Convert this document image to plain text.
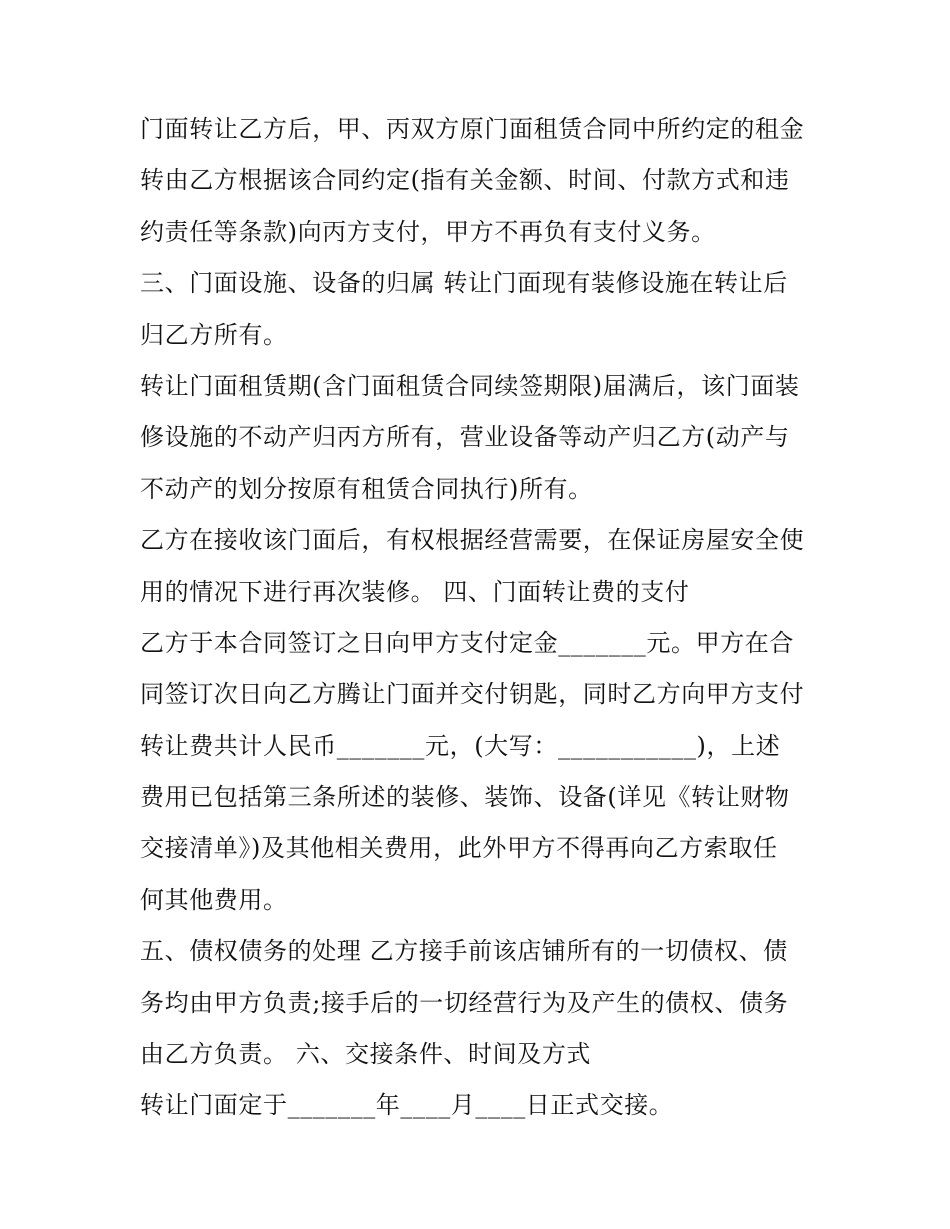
门面转让乙方后，甲、丙双方原门面租赁合同中所约定的租金
转由乙方根据该合同约定(指有关金额、时间、付款方式和违
约责任等条款)向丙方支付，甲方不再负有支付义务。
三、门面设施、设备的归属 转让门面现有装修设施在转让后
归乙方所有。
转让门面租赁期(含门面租赁合同续签期限)届满后，该门面装
修设施的不动产归丙方所有，营业设备等动产归乙方(动产与
不动产的划分按原有租赁合同执行)所有。
乙方在接收该门面后，有权根据经营需要，在保证房屋安全使
用的情况下进行再次装修。 四、门面转让费的支付
乙方于本合同签订之日向甲方支付定金_______元。甲方在合
同签订次日向乙方腾让门面并交付钥匙，同时乙方向甲方支付
转让费共计人民币_______元，(大写：___________)，上述
费用已包括第三条所述的装修、装饰、设备(详见《转让财物
交接清单》)及其他相关费用，此外甲方不得再向乙方索取任
何其他费用。
五、债权债务的处理 乙方接手前该店铺所有的一切债权、债
务均由甲方负责;接手后的一切经营行为及产生的债权、债务
由乙方负责。 六、交接条件、时间及方式
转让门面定于_______年____月____日正式交接。
